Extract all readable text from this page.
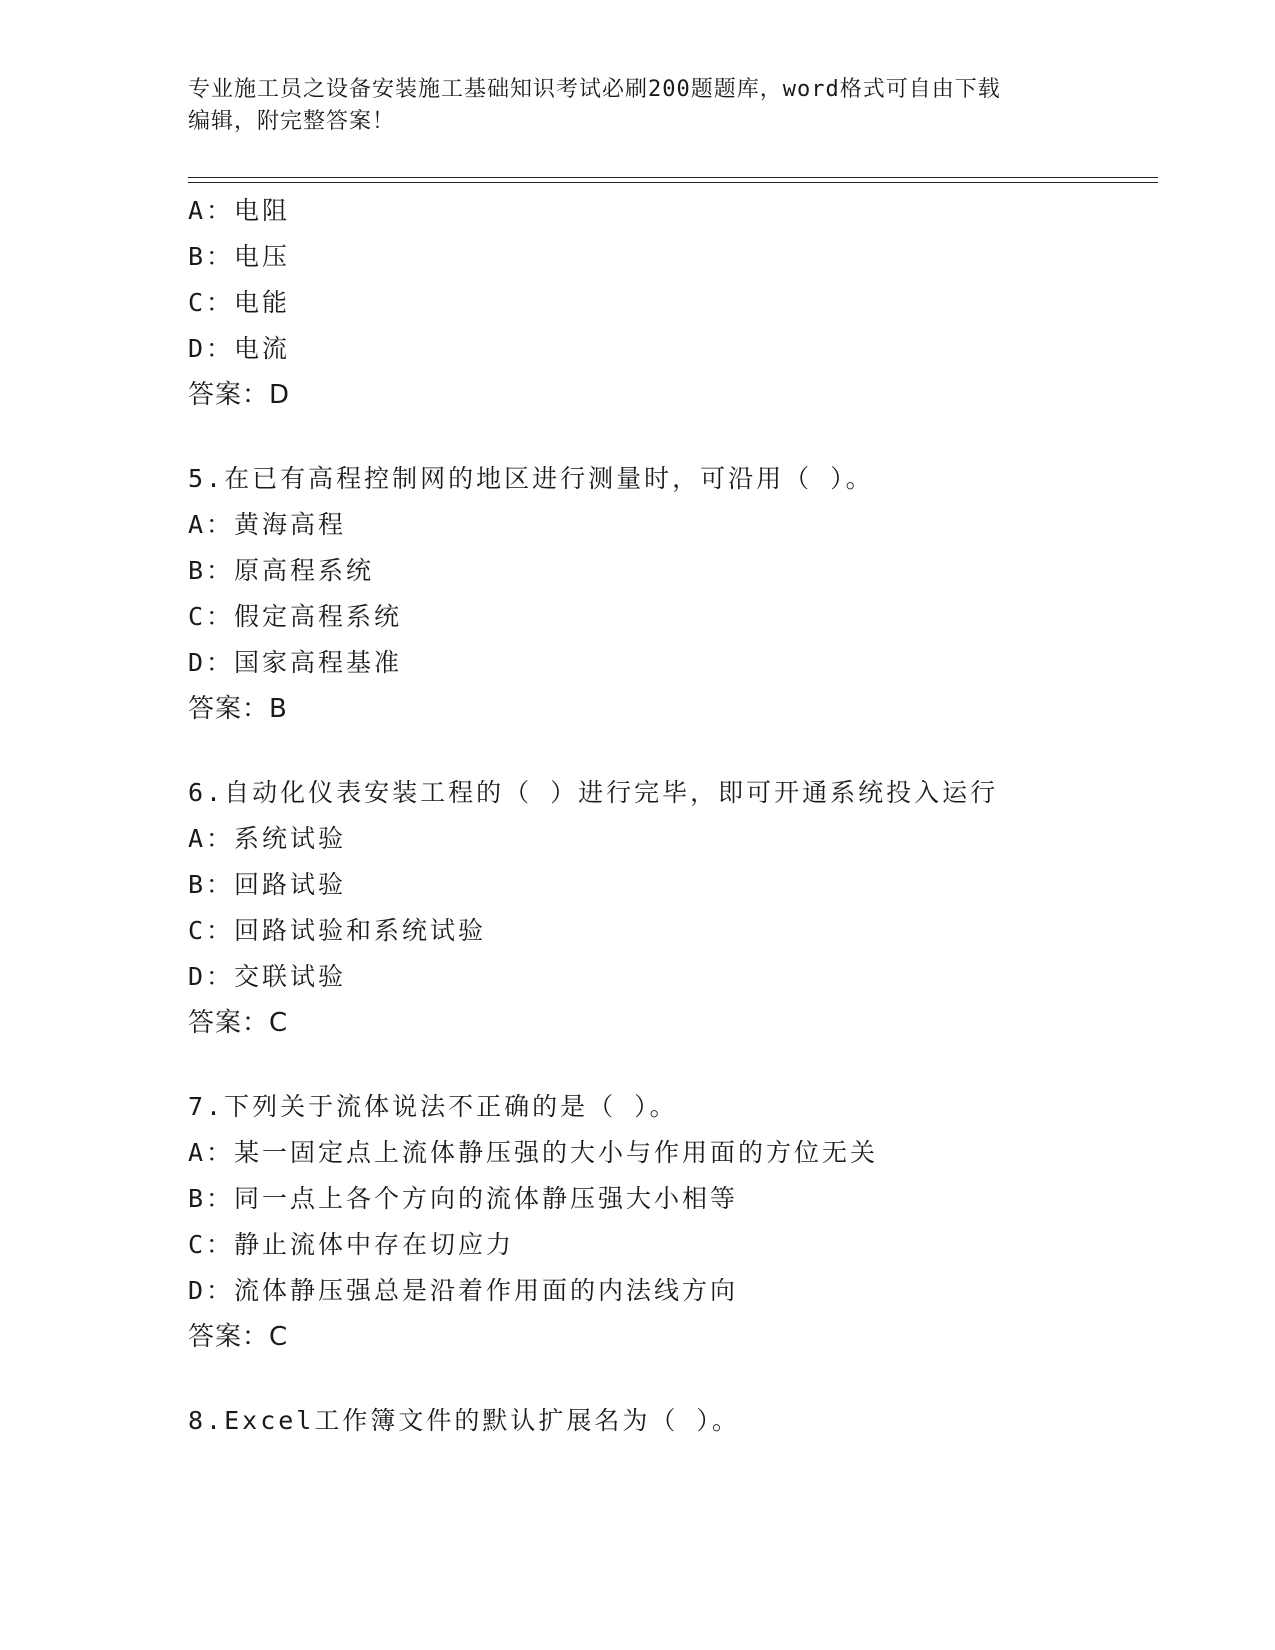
专业施工员之设备安装施工基础知识考试必刷200题题库，word格式可自由下载
编辑，附完整答案！
A：电阻
B：电压
C：电能
D：电流
答案：D
5.在已有高程控制网的地区进行测量时，可沿用（ ）。
A：黄海高程
B：原高程系统
C：假定高程系统
D：国家高程基准
答案：B
6.自动化仪表安装工程的（ ）进行完毕，即可开通系统投入运行
A：系统试验
B：回路试验
C：回路试验和系统试验
D：交联试验
答案：C
7.下列关于流体说法不正确的是（ ）。
A：某一固定点上流体静压强的大小与作用面的方位无关
B：同一点上各个方向的流体静压强大小相等
C：静止流体中存在切应力
D：流体静压强总是沿着作用面的内法线方向
答案：C
8.Excel工作簿文件的默认扩展名为（ ）。
